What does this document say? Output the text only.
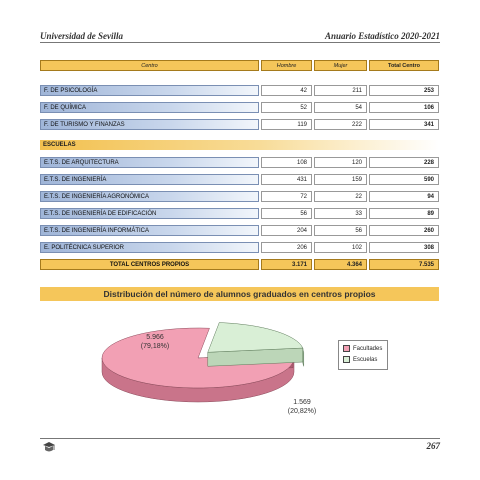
Universidad de Sevilla	Anuario Estadístico 2020-2021
Centro	Hombre	Mujer	Total Centro
F. DE PSICOLOGÍA	42	211	253
F. DE QUÍMICA	52	54	106
F. DE TURISMO Y FINANZAS	119	222	341
ESCUELAS
E.T.S. DE ARQUITECTURA	108	120	228
E.T.S. DE INGENIERÍA	431	159	590
E.T.S. DE INGENIERÍA AGRONÓMICA	72	22	94
E.T.S. DE INGENIERÍA DE EDIFICACIÓN	56	33	89
E.T.S. DE INGENIERÍA INFORMÁTICA	204	56	260
E. POLITÉCNICA SUPERIOR	206	102	308
TOTAL CENTROS PROPIOS	3.171	4.364	7.535
Distribución del número de alumnos graduados en centros propios
5.966
(79,18%)
1.569
(20,82%)
Facultades
Escuelas
267
